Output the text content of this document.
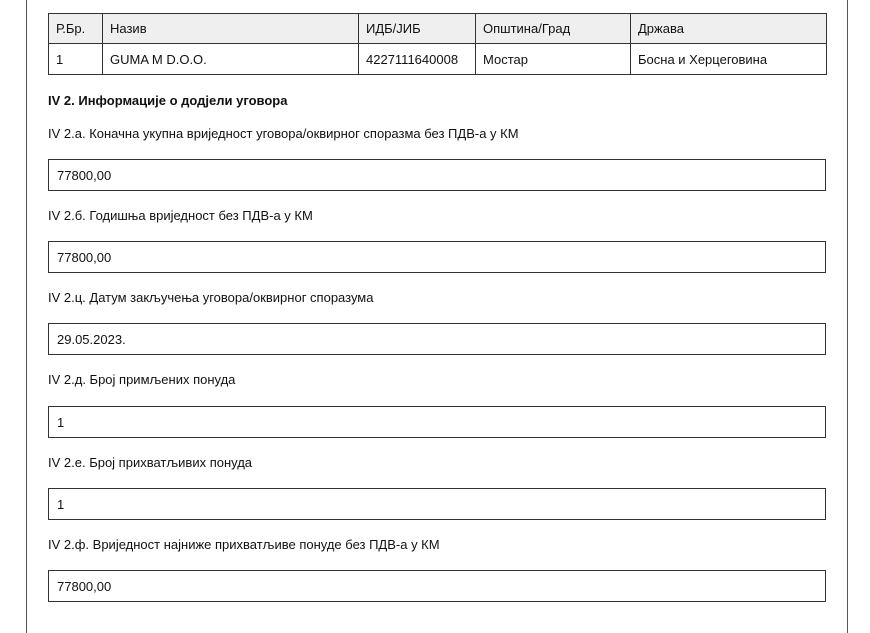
Р.Бр.	Назив	ИДБ/ЈИБ	Општина/Град	Држава
1	GUMA M D.O.O.	4227111640008	Мостар	Босна и Херцеговина
IV 2. Информације о додјели уговора
IV 2.а. Коначна укупна вриједност уговора/оквирног споразма без ПДВ-а у КМ
77800,00
IV 2.б. Годишња вриједност без ПДВ-а у КМ
77800,00
IV 2.ц. Датум закључења уговора/оквирног споразума
29.05.2023.
IV 2.д. Број примљених понуда
1
IV 2.е. Број прихватљивих понуда
1
IV 2.ф. Вриједност најниже прихватљиве понуде без ПДВ-а у КМ
77800,00
